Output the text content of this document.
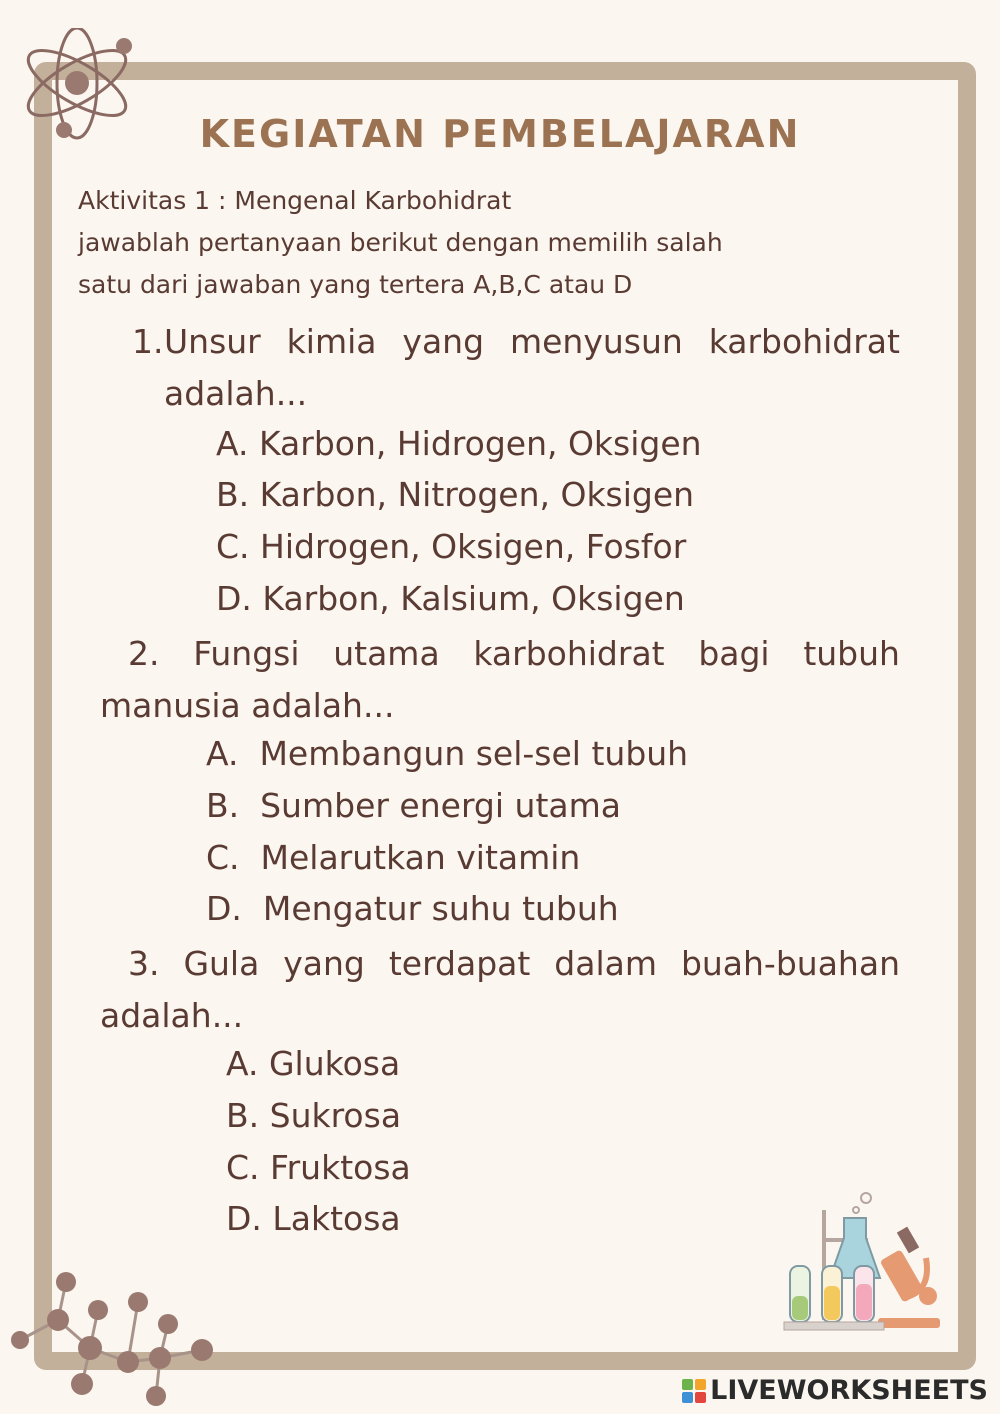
KEGIATAN PEMBELAJARAN
Aktivitas 1 : Mengenal Karbohidrat
jawablah pertanyaan berikut dengan memilih salah
satu dari jawaban yang tertera A,B,C atau D
1. Unsur kimia yang menyusun karbohidrat
adalah...
A. Karbon, Hidrogen, Oksigen
B. Karbon, Nitrogen, Oksigen
C. Hidrogen, Oksigen, Fosfor
D. Karbon, Kalsium, Oksigen
2. Fungsi utama karbohidrat bagi tubuh
manusia adalah...
A.  Membangun sel-sel tubuh
B.  Sumber energi utama
C.  Melarutkan vitamin
D.  Mengatur suhu tubuh
3. Gula yang terdapat dalam buah-buahan
adalah...
A. Glukosa
B. Sukrosa
C. Fruktosa
D. Laktosa
LIVEWORKSHEETS
